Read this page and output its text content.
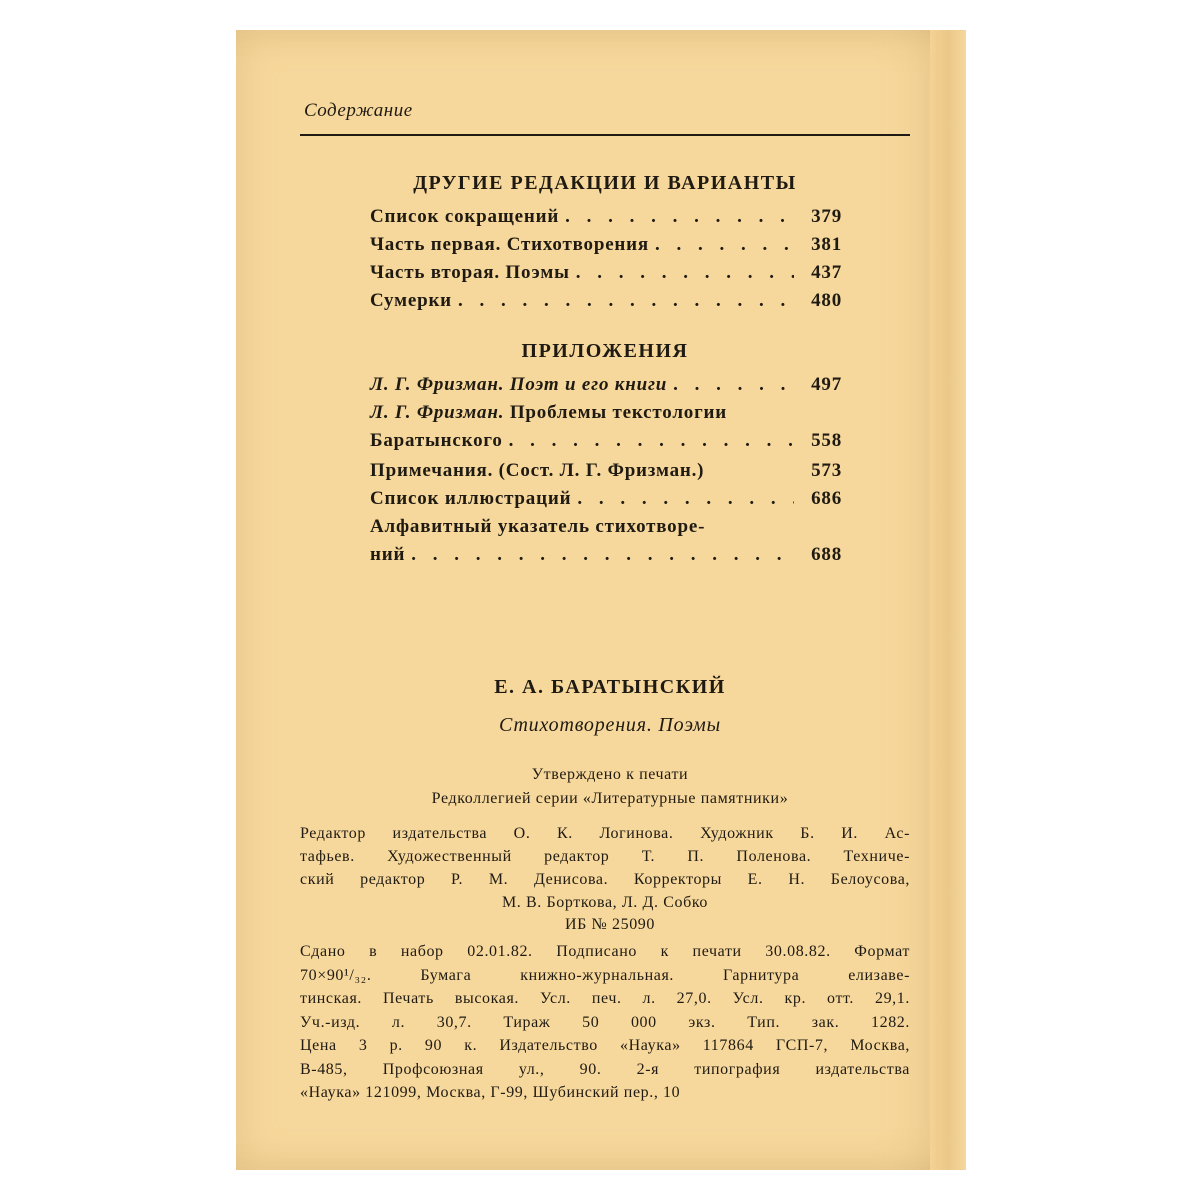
Содержание
ДРУГИЕ РЕДАКЦИИ И ВАРИАНТЫ
Список сокращений . . .	379
Часть первая. Стихотворения . . .	381
Часть вторая. Поэмы . . .	437
Сумерки . . .	480
ПРИЛОЖЕНИЯ
Л. Г. Фризман. Поэт и его книги . . .	497
Л. Г. Фризман. Проблемы текстологии
Баратынского . . .	558
Примечания. (Сост. Л. Г. Фризман.)	573
Список иллюстраций . . .	686
Алфавитный указатель стихотворе-
ний . . .	688
Е. А. БАРАТЫНСКИЙ
Стихотворения. Поэмы
Утверждено к печати
Редколлегией серии «Литературные памятники»
Редактор издательства О. К. Логинова. Художник Б. И. Ас-
тафьев. Художественный редактор Т. П. Поленова. Техниче-
ский редактор Р. М. Денисова. Корректоры Е. Н. Белоусова,
М. В. Борткова, Л. Д. Собко
ИБ № 25090
Сдано в набор 02.01.82. Подписано к печати 30.08.82. Формат
70×90¹/₃₂. Бумага книжно-журнальная. Гарнитура елизаве-
тинская. Печать высокая. Усл. печ. л. 27,0. Усл. кр. отт. 29,1.
Уч.-изд. л. 30,7. Тираж 50 000 экз. Тип. зак. 1282.
Цена 3 р. 90 к. Издательство «Наука» 117864 ГСП-7, Москва,
В-485, Профсоюзная ул., 90. 2-я типография издательства
«Наука» 121099, Москва, Г-99, Шубинский пер., 10
